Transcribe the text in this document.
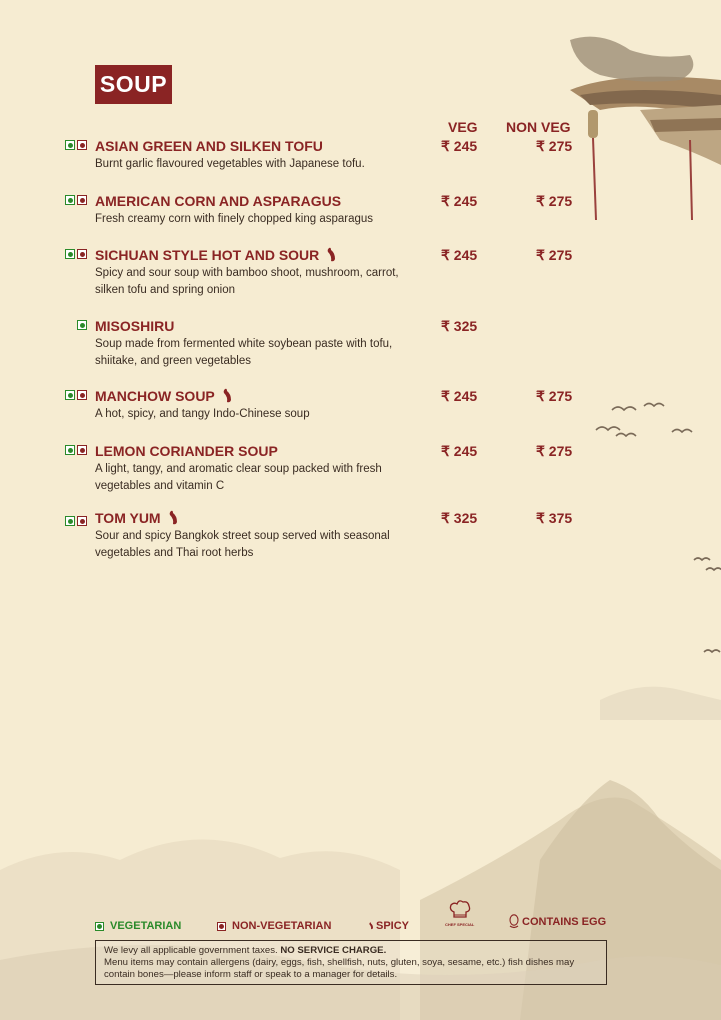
SOUP
VEG NON VEG
ASIAN GREEN AND SILKEN TOFU
Burnt garlic flavoured vegetables with Japanese tofu.
₹ 245	₹ 275
AMERICAN CORN AND ASPARAGUS
Fresh creamy corn with finely chopped king asparagus
₹ 245	₹ 275
SICHUAN STYLE HOT AND SOUR
Spicy and sour soup with bamboo shoot, mushroom, carrot, silken tofu and spring onion
₹ 245	₹ 275
MISOSHIRU
Soup made from fermented white soybean paste with tofu, shiitake, and green vegetables
₹ 325
MANCHOW SOUP
A hot, spicy, and tangy Indo-Chinese soup
₹ 245	₹ 275
LEMON CORIANDER SOUP
A light, tangy, and aromatic clear soup packed with fresh vegetables and vitamin C
₹ 245	₹ 275
TOM YUM
Sour and spicy Bangkok street soup served with seasonal vegetables and Thai root herbs
₹ 325	₹ 375
VEGETARIAN	NON-VEGETARIAN	SPICY	CHEF SPECIAL	CONTAINS EGG
We levy all applicable government taxes. NO SERVICE CHARGE.
Menu items may contain allergens (dairy, eggs, fish, shellfish, nuts, gluten, soya, sesame, etc.) fish dishes may contain bones—please inform staff or speak to a manager for details.
